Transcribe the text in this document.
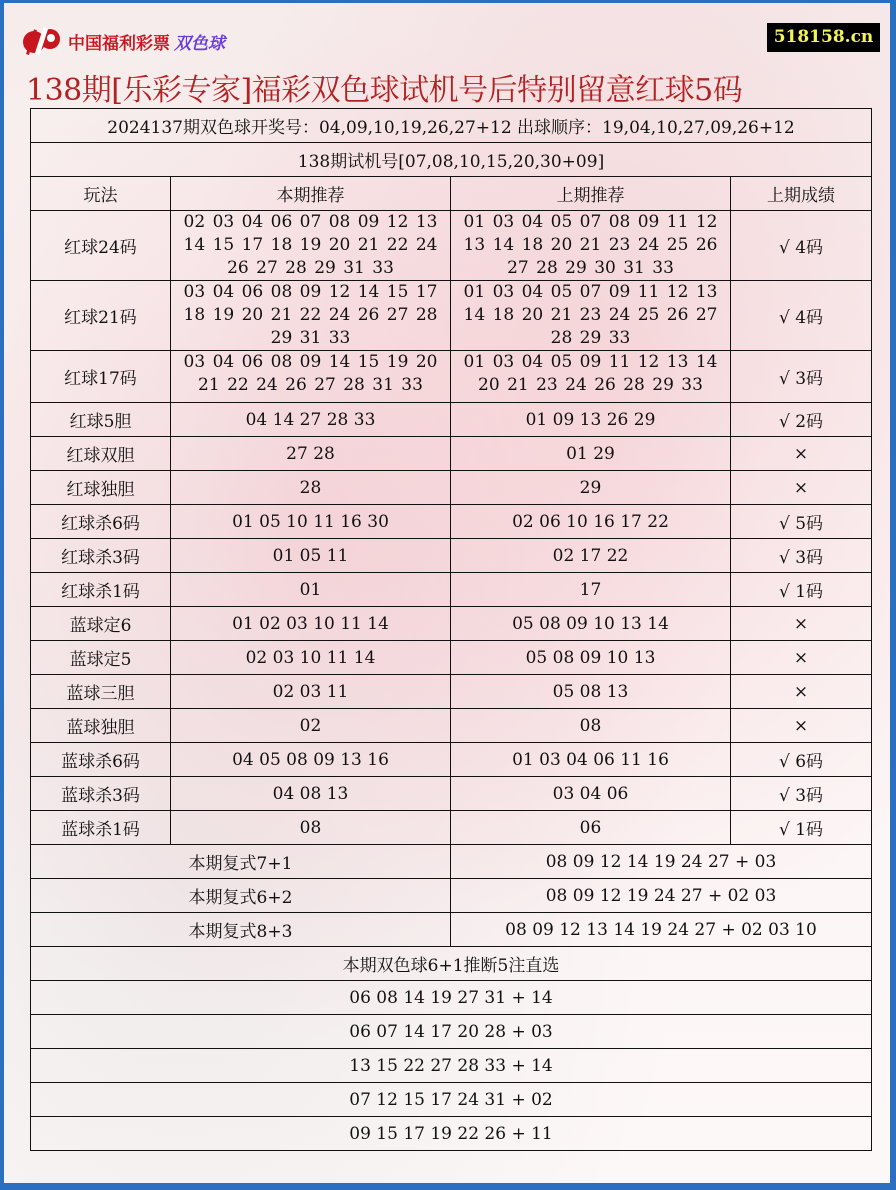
中国福利彩票 双色球	518158.cn
138期[乐彩专家]福彩双色球试机号后特别留意红球5码
2024137期双色球开奖号：04,09,10,19,26,27+12 出球顺序：19,04,10,27,09,26+12			
138期试机号[07,08,10,15,20,30+09]			
玩法	本期推荐	上期推荐	上期成绩
红球24码	02 03 04 06 07 08 09 12 13 14 15 17 18 19 20 21 22 24 26 27 28 29 31 33	01 03 04 05 07 08 09 11 12 13 14 18 20 21 23 24 25 26 27 28 29 30 31 33	√ 4码
红球21码	03 04 06 08 09 12 14 15 17 18 19 20 21 22 24 26 27 28 29 31 33	01 03 04 05 07 09 11 12 13 14 18 20 21 23 24 25 26 27 28 29 33	√ 4码
红球17码	03 04 06 08 09 14 15 19 20 21 22 24 26 27 28 31 33	01 03 04 05 09 11 12 13 14 20 21 23 24 26 28 29 33	√ 3码
红球5胆	04 14 27 28 33	01 09 13 26 29	√ 2码
红球双胆	27 28	01 29	×
红球独胆	28	29	×
红球杀6码	01 05 10 11 16 30	02 06 10 16 17 22	√ 5码
红球杀3码	01 05 11	02 17 22	√ 3码
红球杀1码	01	17	√ 1码
蓝球定6	01 02 03 10 11 14	05 08 09 10 13 14	×
蓝球定5	02 03 10 11 14	05 08 09 10 13	×
蓝球三胆	02 03 11	05 08 13	×
蓝球独胆	02	08	×
蓝球杀6码	04 05 08 09 13 16	01 03 04 06 11 16	√ 6码
蓝球杀3码	04 08 13	03 04 06	√ 3码
蓝球杀1码	08	06	√ 1码
本期复式7+1		08 09 12 14 19 24 27 + 03	
本期复式6+2		08 09 12 19 24 27 + 02 03	
本期复式8+3		08 09 12 13 14 19 24 27 + 02 03 10	
本期双色球6+1推断5注直选			
06 08 14 19 27 31 + 14			
06 07 14 17 20 28 + 03			
13 15 22 27 28 33 + 14			
07 12 15 17 24 31 + 02			
09 15 17 19 22 26 + 11			
